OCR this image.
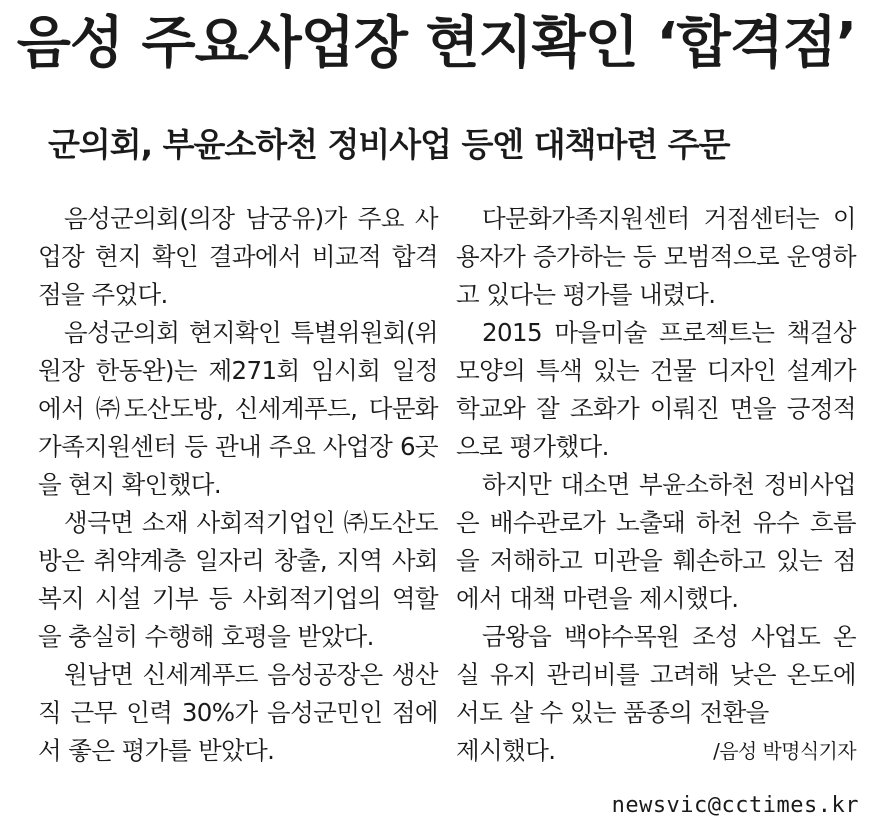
음성 주요사업장 현지확인 ‘합격점’
군의회, 부윤소하천 정비사업 등엔 대책마련 주문

음성군의회(의장 남궁유)가 주요 사업장 현지 확인 결과에서 비교적 합격점을 주었다.

음성군의회 현지확인 특별위원회(위원장 한동완)는 제271회 임시회 일정에서 ㈜도산도방, 신세계푸드, 다문화가족지원센터 등 관내 주요 사업장 6곳을 현지 확인했다.

생극면 소재 사회적기업인 ㈜도산도방은 취약계층 일자리 창출, 지역 사회복지 시설 기부 등 사회적기업의 역할을 충실히 수행해 호평을 받았다.

원남면 신세계푸드 음성공장은 생산직 근무 인력 30%가 음성군민인 점에서 좋은 평가를 받았다.

다문화가족지원센터 거점센터는 이용자가 증가하는 등 모범적으로 운영하고 있다는 평가를 내렸다.

2015 마을미술 프로젝트는 책걸상 모양의 특색 있는 건물 디자인 설계가 학교와 잘 조화가 이뤄진 면을 긍정적으로 평가했다.

하지만 대소면 부윤소하천 정비사업은 배수관로가 노출돼 하천 유수 흐름을 저해하고 미관을 훼손하고 있는 점에서 대책 마련을 제시했다.

금왕읍 백야수목원 조성 사업도 온실 유지 관리비를 고려해 낮은 온도에서도 살 수 있는 품종의 전환을

제시했다.	/음성 박명식기자
newsvic@cctimes.kr
